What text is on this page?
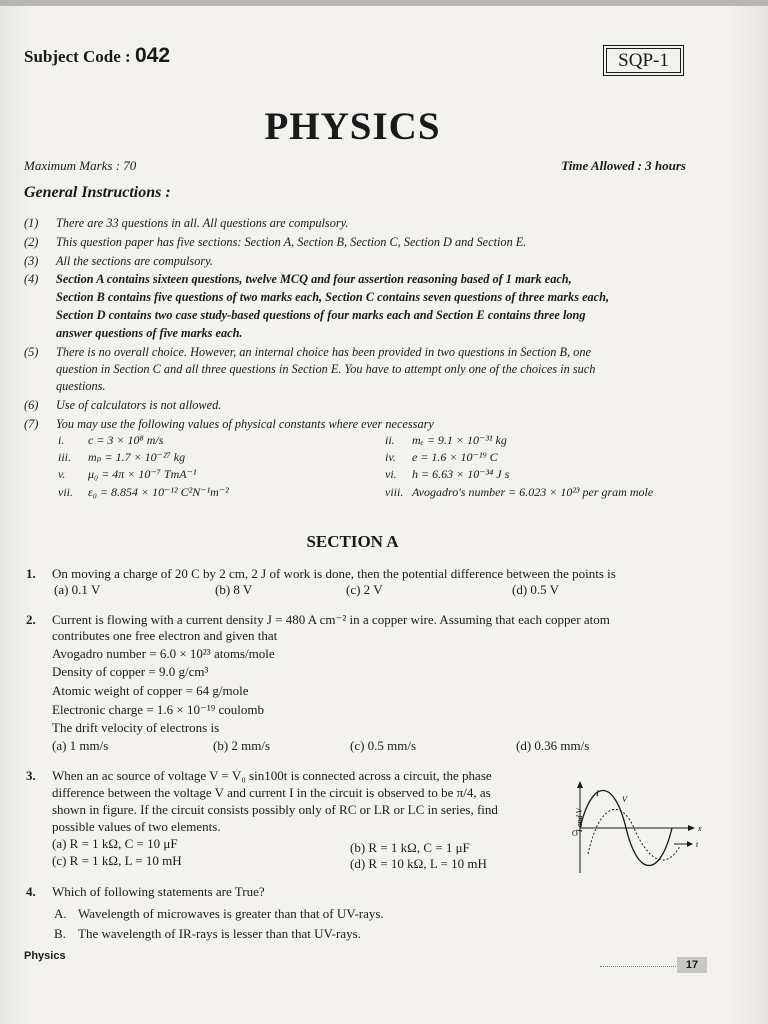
Subject Code : 042	SQP-1
PHYSICS
Maximum Marks : 70	Time Allowed : 3 hours
General Instructions :
(1) There are 33 questions in all. All questions are compulsory.
(2) This question paper has five sections: Section A, Section B, Section C, Section D and Section E.
(3) All the sections are compulsory.
(4) Section A contains sixteen questions, twelve MCQ and four assertion reasoning based of 1 mark each,
Section B contains five questions of two marks each, Section C contains seven questions of three marks each,
Section D contains two case study-based questions of four marks each and Section E contains three long
answer questions of five marks each.
(5) There is no overall choice. However, an internal choice has been provided in two questions in Section B, one
question in Section C and all three questions in Section E. You have to attempt only one of the choices in such
questions.
(6) Use of calculators is not allowed.
(7) You may use the following values of physical constants where ever necessary
i. c = 3 × 10⁸ m/s	ii. mₑ = 9.1 × 10⁻³¹ kg
iii. mₚ = 1.7 × 10⁻²⁷ kg	iv. e = 1.6 × 10⁻¹⁹ C
v. μ₀ = 4π × 10⁻⁷ TmA⁻¹	vi. h = 6.63 × 10⁻³⁴ J s
vii. ε₀ = 8.854 × 10⁻¹² C²N⁻¹m⁻²	viii. Avogadro's number = 6.023 × 10²³ per gram mole
SECTION A
1. On moving a charge of 20 C by 2 cm, 2 J of work is done, then the potential difference between the points is
(a) 0.1 V	(b) 8 V	(c) 2 V	(d) 0.5 V
2. Current is flowing with a current density J = 480 A cm⁻² in a copper wire. Assuming that each copper atom
contributes one free electron and given that
Avogadro number = 6.0 × 10²³ atoms/mole
Density of copper = 9.0 g/cm³
Atomic weight of copper = 64 g/mole
Electronic charge = 1.6 × 10⁻¹⁹ coulomb
The drift velocity of electrons is
(a) 1 mm/s	(b) 2 mm/s	(c) 0.5 mm/s	(d) 0.36 mm/s
3. When an ac source of voltage V = V₀ sin100t is connected across a circuit, the phase
difference between the voltage V and current I in the circuit is observed to be π/4, as
shown in figure. If the circuit consists possibly only of RC or LR or LC in series, find
possible values of two elements.
(a) R = 1 kΩ, C = 10 μF	(b) R = 1 kΩ, C = 1 μF
(c) R = 1 kΩ, L = 10 mH	(d) R = 10 kΩ, L = 10 mH
I and V	x
t
O
I
V
4. Which of following statements are True?
A. Wavelength of microwaves is greater than that of UV-rays.
B. The wavelength of IR-rays is lesser than that UV-rays.
Physics
17
